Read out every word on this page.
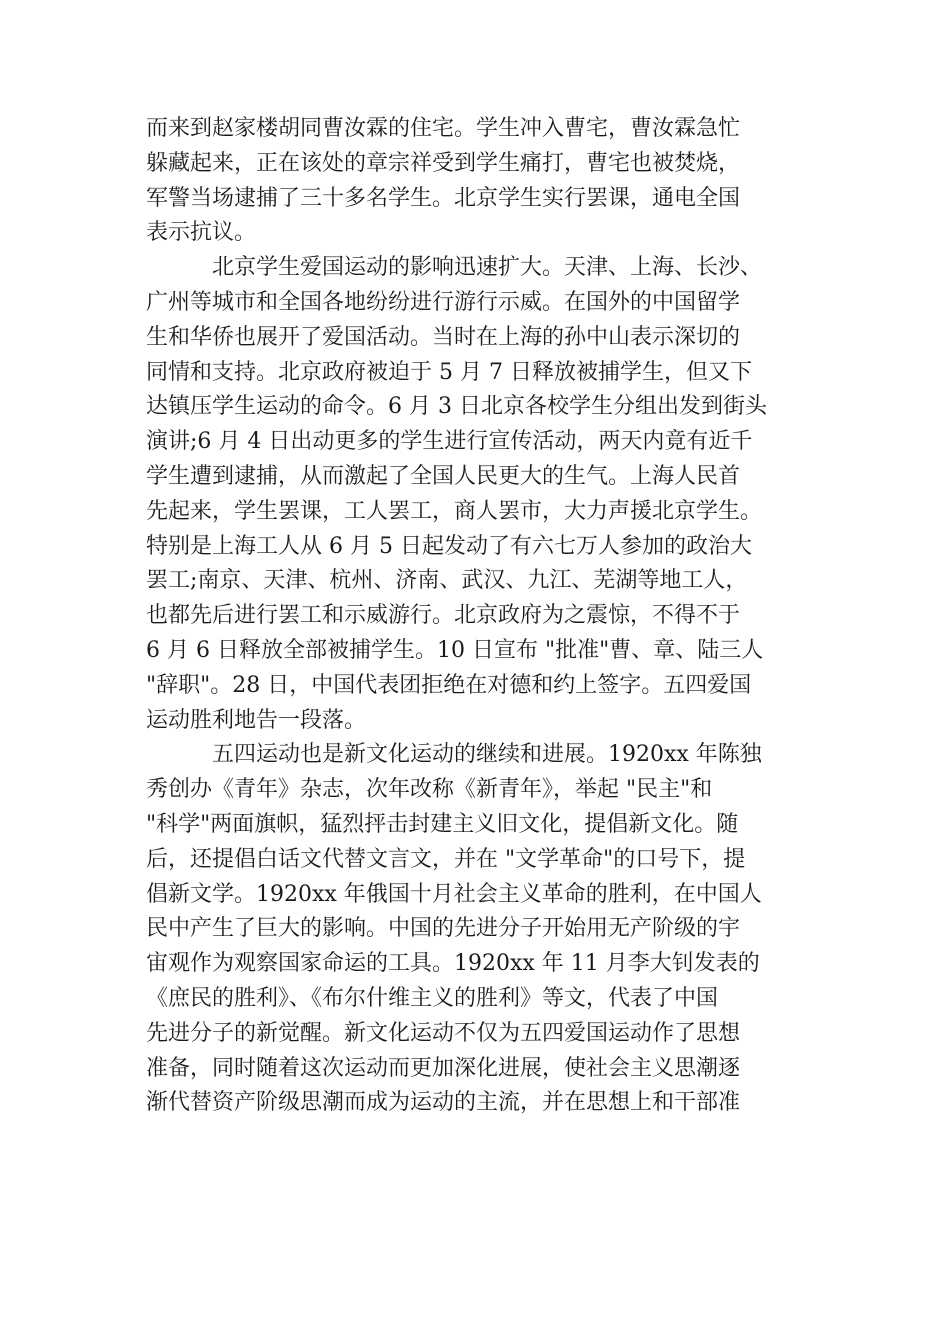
而来到赵家楼胡同曹汝霖的住宅。学生冲入曹宅，曹汝霖急忙
躲藏起来，正在该处的章宗祥受到学生痛打，曹宅也被焚烧，
军警当场逮捕了三十多名学生。北京学生实行罢课，通电全国
表示抗议。
北京学生爱国运动的影响迅速扩大。天津、上海、长沙、
广州等城市和全国各地纷纷进行游行示威。在国外的中国留学
生和华侨也展开了爱国活动。当时在上海的孙中山表示深切的
同情和支持。北京政府被迫于 5 月 7 日释放被捕学生，但又下
达镇压学生运动的命令。6 月 3 日北京各校学生分组出发到街头
演讲;6 月 4 日出动更多的学生进行宣传活动，两天内竟有近千
学生遭到逮捕，从而激起了全国人民更大的生气。上海人民首
先起来，学生罢课，工人罢工，商人罢市，大力声援北京学生。
特别是上海工人从 6 月 5 日起发动了有六七万人参加的政治大
罢工;南京、天津、杭州、济南、武汉、九江、芜湖等地工人，
也都先后进行罢工和示威游行。北京政府为之震惊，不得不于
6 月 6 日释放全部被捕学生。10 日宣布 "批准"曹、章、陆三人
"辞职"。28 日，中国代表团拒绝在对德和约上签字。五四爱国
运动胜利地告一段落。
五四运动也是新文化运动的继续和进展。1920xx 年陈独
秀创办《青年》杂志，次年改称《新青年》，举起 "民主"和
"科学"两面旗帜，猛烈抨击封建主义旧文化，提倡新文化。随
后，还提倡白话文代替文言文，并在 "文学革命"的口号下，提
倡新文学。1920xx 年俄国十月社会主义革命的胜利，在中国人
民中产生了巨大的影响。中国的先进分子开始用无产阶级的宇
宙观作为观察国家命运的工具。1920xx 年 11 月李大钊发表的
《庶民的胜利》、《布尔什维主义的胜利》等文，代表了中国
先进分子的新觉醒。新文化运动不仅为五四爱国运动作了思想
准备，同时随着这次运动而更加深化进展，使社会主义思潮逐
渐代替资产阶级思潮而成为运动的主流，并在思想上和干部准
